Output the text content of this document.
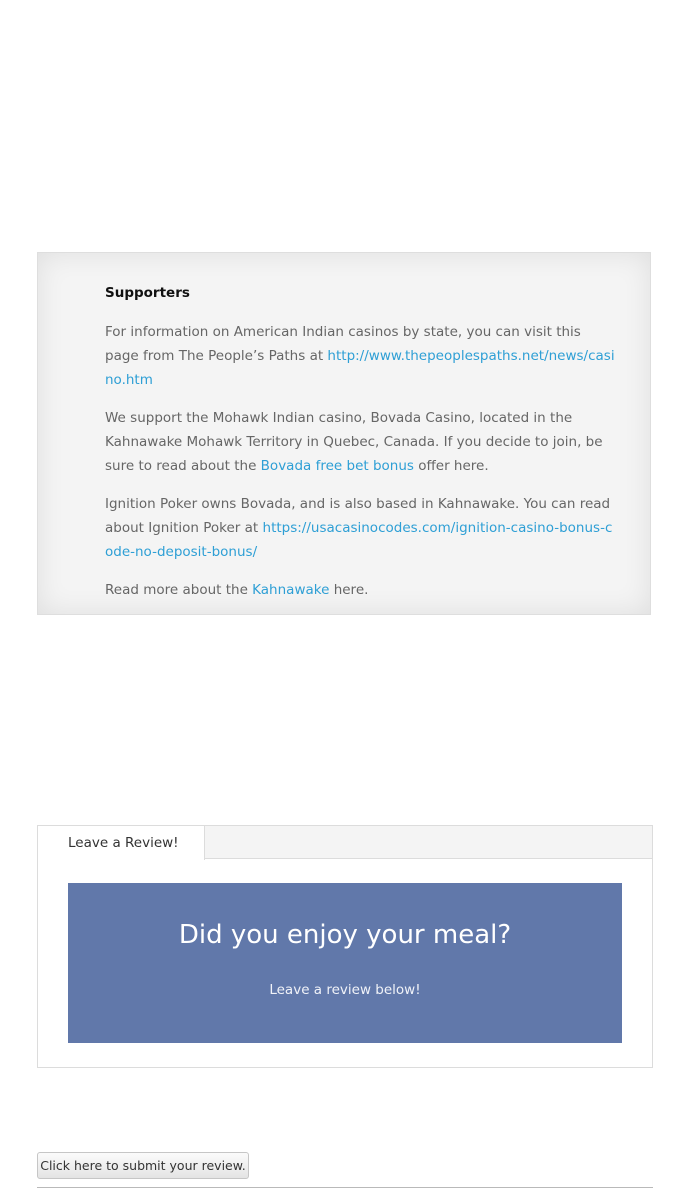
Supporters

For information on American Indian casinos by state, you can visit this page from The People’s Paths at http://www.thepeoplespaths.net/news/casino.htm

We support the Mohawk Indian casino, Bovada Casino, located in the Kahnawake Mohawk Territory in Quebec, Canada. If you decide to join, be sure to read about the Bovada free bet bonus offer here.

Ignition Poker owns Bovada, and is also based in Kahnawake. You can read about Ignition Poker at https://usacasinocodes.com/ignition-casino-bonus-code-no-deposit-bonus/

Read more about the Kahnawake here.

Leave a Review!
Did you enjoy your meal?
Leave a review below!
Click here to submit your review.
